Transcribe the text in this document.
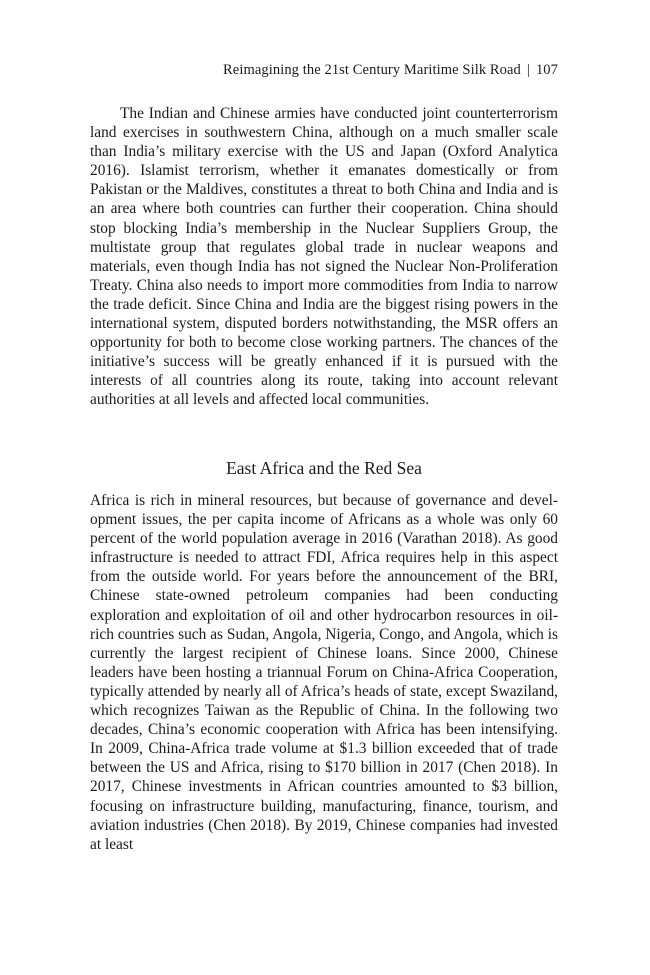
Reimagining the 21st Century Maritime Silk Road | 107

The Indian and Chinese armies have conducted joint counterterrorism land exercises in southwestern China, although on a much smaller scale than India’s military exercise with the US and Japan (Oxford Analytica 2016). Islamist terrorism, whether it emanates domestically or from Pakistan or the Maldives, constitutes a threat to both China and India and is an area where both countries can further their cooperation. China should stop blocking India’s membership in the Nuclear Suppliers Group, the multistate group that regulates global trade in nuclear weapons and materials, even though India has not signed the Nuclear Non-Proliferation Treaty. China also needs to import more commodities from India to narrow the trade deficit. Since China and India are the biggest rising powers in the international system, disputed borders notwithstanding, the MSR offers an opportunity for both to become close working partners. The chances of the initiative’s success will be greatly enhanced if it is pursued with the interests of all countries along its route, taking into account relevant authorities at all levels and affected local communities.

East Africa and the Red Sea

Africa is rich in mineral resources, but because of governance and development issues, the per capita income of Africans as a whole was only 60 percent of the world population average in 2016 (Varathan 2018). As good infrastructure is needed to attract FDI, Africa requires help in this aspect from the outside world. For years before the announcement of the BRI, Chinese state-owned petroleum companies had been conducting exploration and exploitation of oil and other hydrocarbon resources in oil-rich countries such as Sudan, Angola, Nigeria, Congo, and Angola, which is currently the largest recipient of Chinese loans. Since 2000, Chinese leaders have been hosting a triannual Forum on China-Africa Cooperation, typically attended by nearly all of Africa’s heads of state, except Swaziland, which recognizes Taiwan as the Republic of China. In the following two decades, China’s economic cooperation with Africa has been intensifying. In 2009, China-Africa trade volume at $1.3 billion exceeded that of trade between the US and Africa, rising to $170 billion in 2017 (Chen 2018). In 2017, Chinese investments in African countries amounted to $3 billion, focusing on infrastructure building, manufacturing, finance, tourism, and aviation industries (Chen 2018). By 2019, Chinese companies had invested at least
